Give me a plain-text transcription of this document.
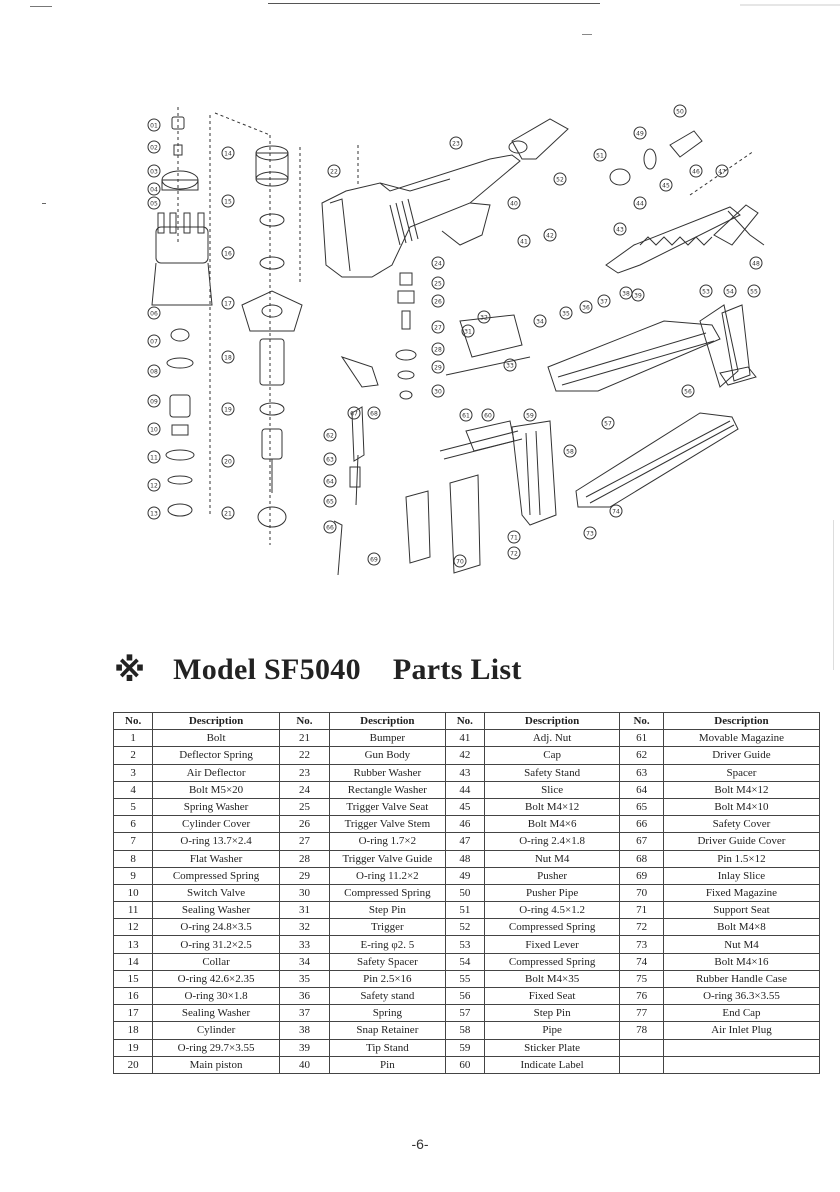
01
02
03
04
05
06
07
08
09
10
11
12
13
14
15
16
17
18
19
20
21
22
23
24
25
26
27
28
29
30
31
32
33
34
35
36
37
38 39
40
41
42
43
44
45
46	47
48
49
50
51
52
53	54	55
56
57
58
59
60
61
62
63
64
65
66
67 68
69	70
71
72
73
74
※ Model SF5040 Parts List
No.	Description	No.	Description	No.	Description	No.	Description
1	Bolt	21	Bumper	41	Adj. Nut	61	Movable Magazine
2	Deflector Spring	22	Gun Body	42	Cap	62	Driver Guide
3	Air Deflector	23	Rubber Washer	43	Safety Stand	63	Spacer
4	Bolt M5×20	24	Rectangle Washer	44	Slice	64	Bolt M4×12
5	Spring Washer	25	Trigger Valve Seat	45	Bolt M4×12	65	Bolt M4×10
6	Cylinder Cover	26	Trigger Valve Stem	46	Bolt M4×6	66	Safety Cover
7	O-ring 13.7×2.4	27	O-ring 1.7×2	47	O-ring 2.4×1.8	67	Driver Guide Cover
8	Flat Washer	28	Trigger Valve Guide	48	Nut M4	68	Pin 1.5×12
9	Compressed Spring	29	O-ring 11.2×2	49	Pusher	69	Inlay Slice
10	Switch Valve	30	Compressed Spring	50	Pusher Pipe	70	Fixed Magazine
11	Sealing Washer	31	Step Pin	51	O-ring 4.5×1.2	71	Support Seat
12	O-ring 24.8×3.5	32	Trigger	52	Compressed Spring	72	Bolt M4×8
13	O-ring 31.2×2.5	33	E-ring φ2. 5	53	Fixed Lever	73	Nut M4
14	Collar	34	Safety Spacer	54	Compressed Spring	74	Bolt M4×16
15	O-ring 42.6×2.35	35	Pin 2.5×16	55	Bolt M4×35	75	Rubber Handle Case
16	O-ring 30×1.8	36	Safety stand	56	Fixed Seat	76	O-ring 36.3×3.55
17	Sealing Washer	37	Spring	57	Step Pin	77	End Cap
18	Cylinder	38	Snap Retainer	58	Pipe	78	Air Inlet Plug
19	O-ring 29.7×3.55	39	Tip Stand	59	Sticker Plate		
20	Main piston	40	Pin	60	Indicate Label		
-6-
